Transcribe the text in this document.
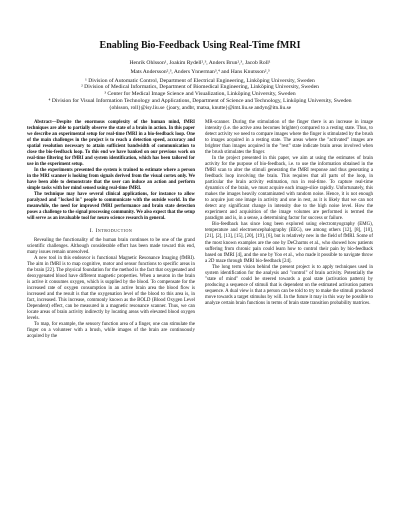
Enabling Bio-Feedback Using Real-Time fMRI

Henrik Ohlsson¹, Joakim Rydell²,³, Anders Brun²,³, Jacob Roll¹

Mats Andersson²,³, Anders Ynnerman³,⁴ and Hans Knutsson²,³

¹ Division of Automatic Control, Department of Electrical Engineering, Linköping University, Sweden

² Division of Medical Informatics, Department of Biomedical Engineering, Linköping University, Sweden

³ Center for Medical Image Science and Visualization, Linköping University, Sweden

⁴ Division for Visual Information Technology and Applications, Department of Science and Technology, Linköping University, Sweden

{ohlsson, roll}@isy.liu.se {joary, andbr, matsa, knutte}@imt.liu.se andyn@itn.liu.se

Abstract—Despite the enormous complexity of the human mind, fMRI techniques are able to partially observe the state of a brain in action. In this paper we describe an experimental setup for real-time fMRI in a bio-feedback loop. One of the main challenges in the project is to reach a detection speed, accuracy and spatial resolution necessary to attain sufficient bandwidth of communication to close the bio-feedback loop. To this end we have banked on our previous work on real-time filtering for fMRI and system identification, which has been tailored for use in the experiment setup.

In the experiments presented the system is trained to estimate where a person in the MRI scanner is looking from signals derived from the visual cortex only. We have been able to demonstrate that the user can induce an action and perform simple tasks with her mind sensed using real-time fMRI.

The technique may have several clinical applications, for instance to allow paralyzed and "locked in" people to communicate with the outside world. In the meanwhile, the need for improved fMRI performance and brain state detection poses a challenge to the signal processing community. We also expect that the setup will serve as an invaluable tool for neuro science research in general.

I. Introduction

Revealing the functionality of the human brain continues to be one of the grand scientific challenges. Although considerable effort has been made toward this end, many issues remain unresolved.

A new tool in this endeavor is functional Magnetic Resonance Imaging (fMRI). The aim in fMRI is to map cognitive, motor and sensor functions to specific areas in the brain [22]. The physical foundation for the method is the fact that oxygenated and deoxygenated blood have different magnetic properties. When a neuron in the brain is active it consumes oxygen, which is supplied by the blood. To compensate for the increased rate of oxygen consumption in an active brain area the blood flow is increased and the result is that the oxygenation level of the blood to this area is, in fact, increased. This increase, commonly known as the BOLD (Blood Oxygen Level Dependent) effect, can be measured in a magnetic resonance scanner. Thus, we can locate areas of brain activity indirectly by locating areas with elevated blood oxygen levels.

To map, for example, the sensory function area of a finger, one can stimulate the finger on a volunteer with a brush, while images of the brain are continuously acquired by the

MR-scanner. During the stimulation of the finger there is an increase in image intensity (i.e. the active area becomes brighter) compared to a resting state. Thus, to detect activity we need to compare images where the finger is stimulated by the brush to images acquired in a resting state. The areas where the "activated" images are brighter than images acquired in the "rest" state indicate brain areas involved when the brush stimulates the finger.

In the project presented in this paper, we aim at using the estimates of brain activity for the purpose of bio-feedback, i.e. to use the information obtained in the fMRI scan to alter the stimuli generating the fMRI response and thus generating a feedback loop involving the brain. This requires that all parts of the loop, in particular the brain activity estimation, run in real-time. To capture real-time dynamics of the brain, we must acquire each image-slice rapidly. Unfortunately, this makes the images heavily contaminated with random noise. Hence, it is not enough to acquire just one image in activity and one in rest, as it is likely that we can not detect any significant change in intensity due to the high noise level. How the experiment and acquisition of the image volumes are performed is termed the paradigm and is, in a sense, a determining factor for success or failure.

Bio-feedback has since long been explored using electromyography (EMG), temperature and electroencephalography (EEG), see among others [12], [8], [10], [21], [2], [13], [15], [20], [19], [6], but is relatively new in the field of fMRI. Some of the most known examples are the one by DeCharms et al., who showed how patients suffering from chronic pain could learn how to control their pain by bio-feedback based on fMRI [4], and the one by Yoo et al., who made it possible to navigate throw a 2D maze through fMRI bio-feedback [24].

The long term vision behind the present project is to apply techniques used in system identification for the analysis and "control" of brain activity. Potentially the "state of mind" could be steered towards a goal state (activation pattern) by producing a sequence of stimuli that is dependent on the estimated activation pattern sequence. A dual view is that a person can be told to try to make the stimuli produced move towards a target stimulus by will. In the future it may in this way be possible to analyze certain brain functions in terms of brain state transition probability matrices.
